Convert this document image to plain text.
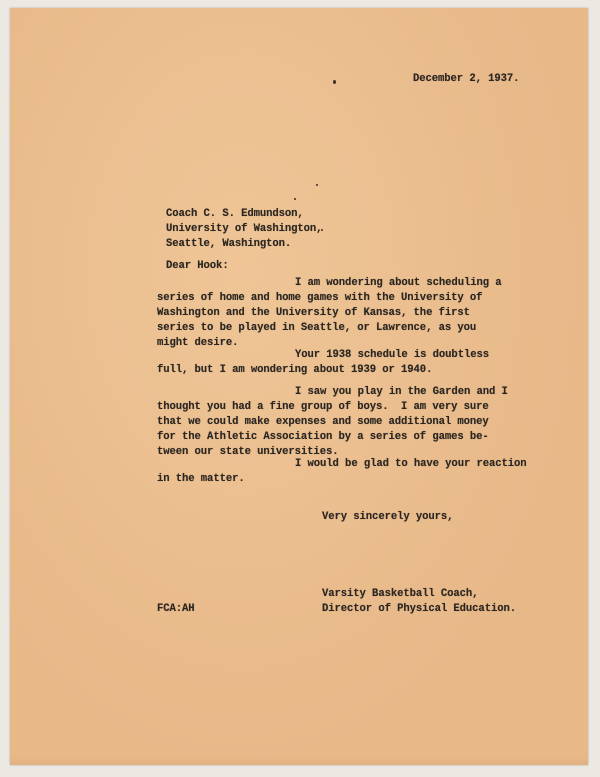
December 2, 1937.
Coach C. S. Edmundson,
University of Washington,
Seattle, Washington.
Dear Hook:
I am wondering about scheduling a
series of home and home games with the University of
Washington and the University of Kansas, the first
series to be played in Seattle, or Lawrence, as you
might desire.
Your 1938 schedule is doubtless
full, but I am wondering about 1939 or 1940.
I saw you play in the Garden and I
thought you had a fine group of boys.  I am very sure
that we could make expenses and some additional money
for the Athletic Association by a series of games be-
tween our state universities.
I would be glad to have your reaction
in the matter.
Very sincerely yours,
Varsity Basketball Coach,
Director of Physical Education.
FCA:AH
